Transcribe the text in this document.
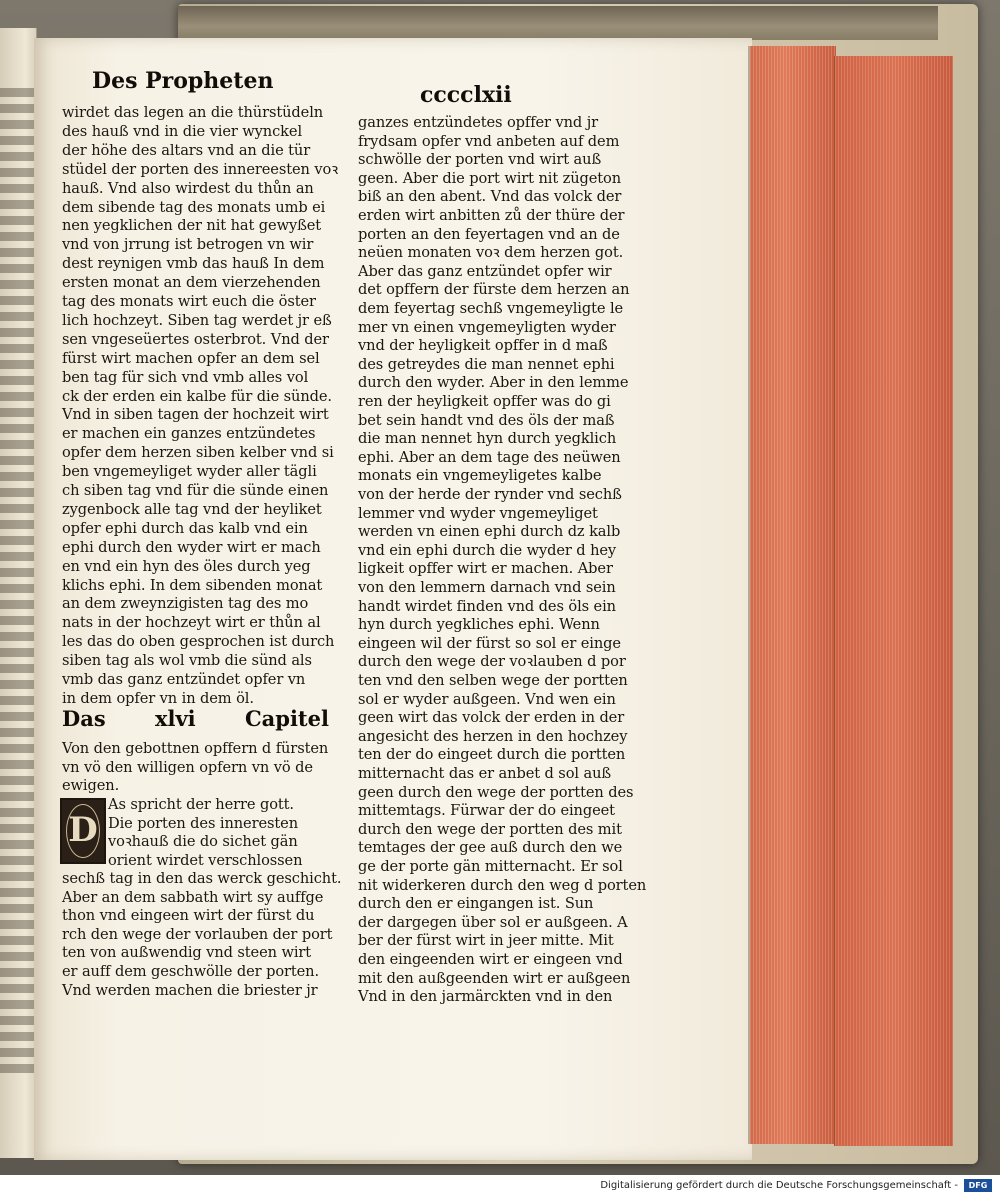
Des Propheten
cccclxii
wirdet das legen an die thürstüdeln
des hauß vnd in die vier wynckel
der höhe des altars vnd an die tür
stüdel der porten des innereesten voꝛ
hauß. Vnd also wirdest du thůn an
dem sibende tag des monats umb ei
nen yegklichen der nit hat gewyßet
vnd von jrrung ist betrogen vn wir
dest reynigen vmb das hauß In dem
ersten monat an dem vierzehenden
tag des monats wirt euch die öster
lich hochzeyt. Siben tag werdet jr eß
sen vngeseüertes osterbrot. Vnd der
fürst wirt machen opfer an dem sel
ben tag für sich vnd vmb alles vol
ck der erden ein kalbe für die sünde.
Vnd in siben tagen der hochzeit wirt
er machen ein ganzes entzündetes
opfer dem herzen siben kelber vnd si
ben vngemeyliget wyder aller tägli
ch siben tag vnd für die sünde einen
zygenbock alle tag vnd der heyliket
opfer ephi durch das kalb vnd ein
ephi durch den wyder wirt er mach
en vnd ein hyn des öles durch yeg
klichs ephi. In dem sibenden monat
an dem zweynzigisten tag des mo
nats in der hochzeyt wirt er thůn al
les das do oben gesprochen ist durch
siben tag als wol vmb die sünd als
vmb das ganz entzündet opfer vn
in dem opfer vn in dem öl.
Das xlvi Capitel
Von den gebottnen opffern d fürsten
vn vö den willigen opfern vn vö de
ewigen.
D
As spricht der herre gott.
Die porten des inneresten
voꝛhauß die do sichet gän
orient wirdet verschlossen
sechß tag in den das werck geschicht.
Aber an dem sabbath wirt sy auffge
thon vnd eingeen wirt der fürst du
rch den wege der vorlauben der port
ten von außwendig vnd steen wirt
er auff dem geschwölle der porten.
Vnd werden machen die briester jr
ganzes entzündetes opffer vnd jr
frydsam opfer vnd anbeten auf dem
schwölle der porten vnd wirt auß
geen. Aber die port wirt nit zügeton
biß an den abent. Vnd das volck der
erden wirt anbitten zů der thüre der
porten an den feyertagen vnd an de
neüen monaten voꝛ dem herzen got.
Aber das ganz entzündet opfer wir
det opffern der fürste dem herzen an
dem feyertag sechß vngemeyligte le
mer vn einen vngemeyligten wyder
vnd der heyligkeit opffer in d maß
des getreydes die man nennet ephi
durch den wyder. Aber in den lemme
ren der heyligkeit opffer was do gi
bet sein handt vnd des öls der maß
die man nennet hyn durch yegklich
ephi. Aber an dem tage des neüwen
monats ein vngemeyligetes kalbe
von der herde der rynder vnd sechß
lemmer vnd wyder vngemeyliget
werden vn einen ephi durch dz kalb
vnd ein ephi durch die wyder d hey
ligkeit opffer wirt er machen. Aber
von den lemmern darnach vnd sein
handt wirdet finden vnd des öls ein
hyn durch yegkliches ephi. Wenn
eingeen wil der fürst so sol er einge
durch den wege der voꝛlauben d por
ten vnd den selben wege der portten
sol er wyder außgeen. Vnd wen ein
geen wirt das volck der erden in der
angesicht des herzen in den hochzey
ten der do eingeet durch die portten
mitternacht das er anbet d sol auß
geen durch den wege der portten des
mittemtags. Fürwar der do eingeet
durch den wege der portten des mit
temtages der gee auß durch den we
ge der porte gän mitternacht. Er sol
nit widerkeren durch den weg d porten
durch den er eingangen ist. Sun
der dargegen über sol er außgeen. A
ber der fürst wirt in jeer mitte. Mit
den eingeenden wirt er eingeen vnd
mit den außgeenden wirt er außgeen
Vnd in den jarmärckten vnd in den
Digitalisierung gefördert durch die Deutsche Forschungsgemeinschaft -	DFG
